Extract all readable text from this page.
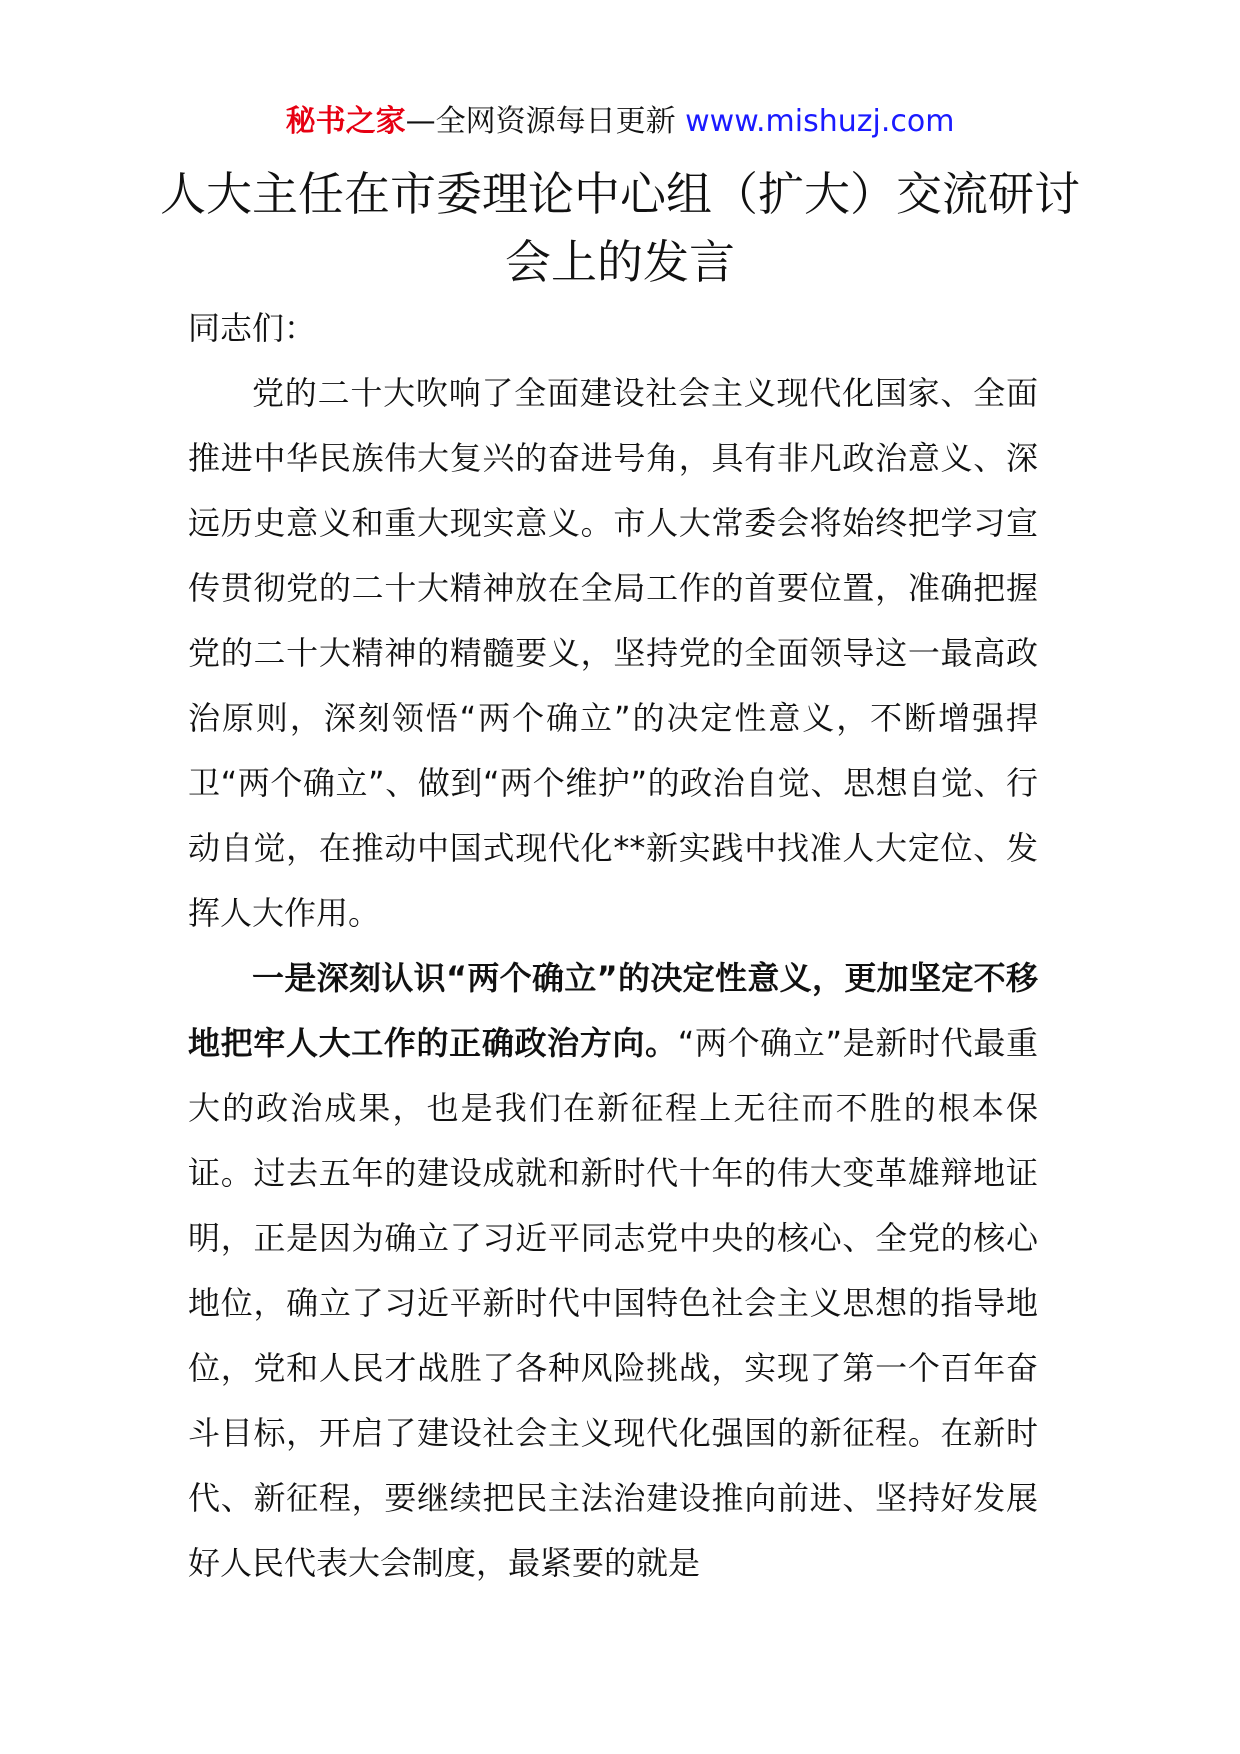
秘书之家—全网资源每日更新 www.mishuzj.com
人大主任在市委理论中心组（扩大）交流研讨会上的发言

同志们：

党的二十大吹响了全面建设社会主义现代化国家、全面推进中华民族伟大复兴的奋进号角，具有非凡政治意义、深远历史意义和重大现实意义。市人大常委会将始终把学习宣传贯彻党的二十大精神放在全局工作的首要位置，准确把握党的二十大精神的精髓要义，坚持党的全面领导这一最高政治原则，深刻领悟“两个确立”的决定性意义，不断增强捍卫“两个确立”、做到“两个维护”的政治自觉、思想自觉、行动自觉，在推动中国式现代化**新实践中找准人大定位、发挥人大作用。

一是深刻认识“两个确立”的决定性意义，更加坚定不移地把牢人大工作的正确政治方向。“两个确立”是新时代最重大的政治成果，也是我们在新征程上无往而不胜的根本保证。过去五年的建设成就和新时代十年的伟大变革雄辩地证明，正是因为确立了习近平同志党中央的核心、全党的核心地位，确立了习近平新时代中国特色社会主义思想的指导地位，党和人民才战胜了各种风险挑战，实现了第一个百年奋斗目标，开启了建设社会主义现代化强国的新征程。在新时代、新征程，要继续把民主法治建设推向前进、坚持好发展好人民代表大会制度，最紧要的就是
